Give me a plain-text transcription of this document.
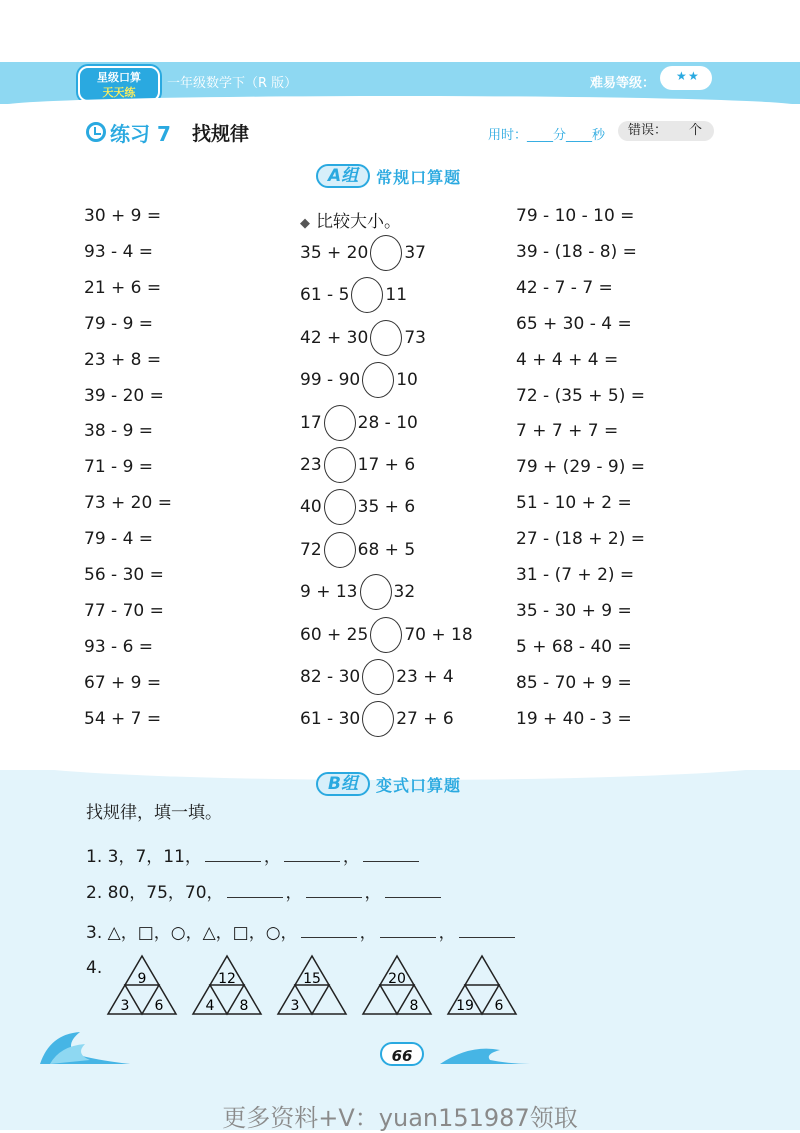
星级口算
天天练
一年级数学下（R 版）	难易等级： ★ ★
练习 7 找规律	用时：____分____秒	错误： 个
A组	常规口算题
30 + 9 =
93 - 4 =
21 + 6 =
79 - 9 =
23 + 8 =
39 - 20 =
38 - 9 =
71 - 9 =
73 + 20 =
79 - 4 =
56 - 30 =
77 - 70 =
93 - 6 =
67 + 9 =
54 + 7 =
◆ 比较大小。
35 + 20 37
61 - 5 11
42 + 30 73
99 - 90 10
17 28 - 10
23 17 + 6
40 35 + 6
72 68 + 5
9 + 13 32
60 + 25 70 + 18
82 - 30 23 + 4
61 - 30 27 + 6
79 - 10 - 10 =
39 - (18 - 8) =
42 - 7 - 7 =
65 + 30 - 4 =
4 + 4 + 4 =
72 - (35 + 5) =
7 + 7 + 7 =
79 + (29 - 9) =
51 - 10 + 2 =
27 - (18 + 2) =
31 - (7 + 2) =
35 - 30 + 9 =
5 + 68 - 40 =
85 - 70 + 9 =
19 + 40 - 3 =
B组	变式口算题
找规律，填一填。
1. 3，7，11，	，	，
2. 80，75，70，	，	，
3. △，□，○，△，□，○，	，	，
4.
9
3 6
12
4 8
15
3
20
8	19 6
66
更多资料+V：yuan151987领取
